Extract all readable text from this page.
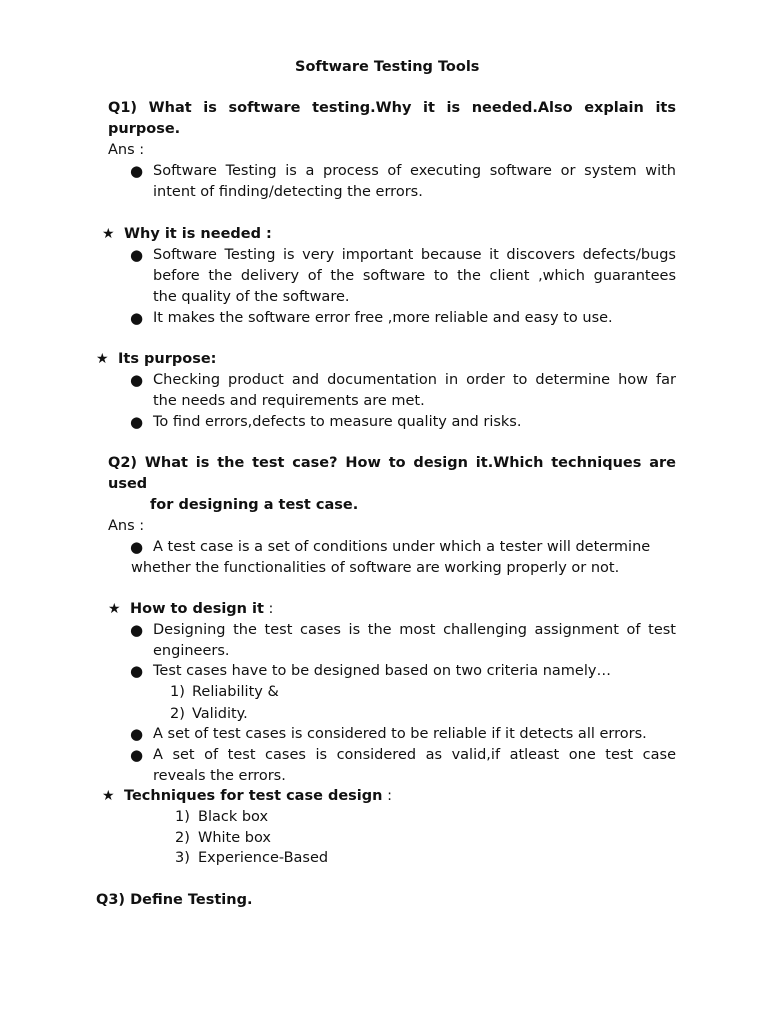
Software Testing Tools
Q1) What is software testing.Why it is needed.Also explain its
purpose.
Ans :
● Software Testing is a process of executing software or system with
intent of finding/detecting the errors.
★ Why it is needed :
● Software Testing is very important because it discovers defects/bugs
before the delivery of the software to the client ,which guarantees
the quality of the software.
● It makes the software error free ,more reliable and easy to use.
★ Its purpose:
● Checking product and documentation in order to determine how far
the needs and requirements are met.
● To find errors,defects to measure quality and risks.
Q2) What is the test case? How to design it.Which techniques are
used
for designing a test case.
Ans :
● A test case is a set of conditions under which a tester will determine
whether the functionalities of software are working properly or not.
★ How to design it :
● Designing the test cases is the most challenging assignment of test
engineers.
● Test cases have to be designed based on two criteria namely…
1) Reliability &
2) Validity.
● A set of test cases is considered to be reliable if it detects all errors.
● A set of test cases is considered as valid,if atleast one test case
reveals the errors.
★ Techniques for test case design :
1) Black box
2) White box
3) Experience-Based
Q3) Define Testing.
